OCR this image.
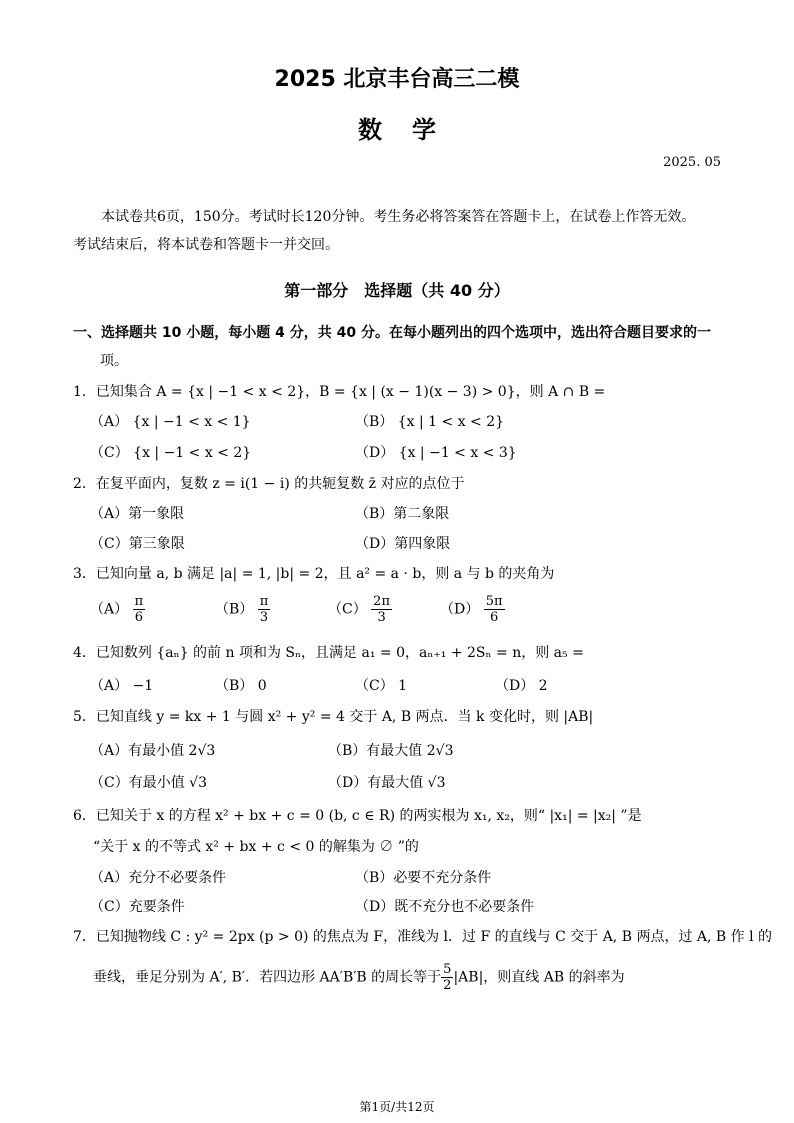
2025 北京丰台高三二模
数学
2025. 05
本试卷共6页，150分。考试时长120分钟。考生务必将答案答在答题卡上，在试卷上作答无效。
考试结束后，将本试卷和答题卡一并交回。
第一部分　选择题（共 40 分）
一、选择题共 10 小题，每小题 4 分，共 40 分。在每小题列出的四个选项中，选出符合题目要求的一
项。
1．已知集合 A = {x | −1 < x < 2}，B = {x | (x − 1)(x − 3) > 0}，则 A ∩ B =
（A） {x | −1 < x < 1}	（B） {x | 1 < x < 2}
（C） {x | −1 < x < 2}	（D） {x | −1 < x < 3}
2．在复平面内，复数 z = i(1 − i) 的共轭复数 z̄ 对应的点位于
（A）第一象限	（B）第二象限
（C）第三象限	（D）第四象限
3．已知向量 a, b 满足 |a| = 1, |b| = 2，且 a² = a · b，则 a 与 b 的夹角为
$(A) \frac{\pi}{6}$	$(B) \frac{\pi}{3}$	$(C) \frac{2\pi}{3}$	$(D) \frac{5\pi}{6}$
4．已知数列 {aₙ} 的前 n 项和为 Sₙ，且满足 a₁ = 0，aₙ₊₁ + 2Sₙ = n，则 a₅ =
（A） −1	（B） 0	（C） 1	（D） 2
5．已知直线 y = kx + 1 与圆 x² + y² = 4 交于 A, B 两点．当 k 变化时，则 |AB|
（A）有最小值 2√3	（B）有最大值 2√3
（C）有最小值 √3	（D）有最大值 √3
6．已知关于 x 的方程 x² + bx + c = 0 (b, c ∈ R) 的两实根为 x₁, x₂，则“ |x₁| = |x₂| ”是
“关于 x 的不等式 x² + bx + c < 0 的解集为 ∅ ”的
（A）充分不必要条件	（B）必要不充分条件
（C）充要条件	（D）既不充分也不必要条件
7．已知抛物线 C : y² = 2px (p > 0) 的焦点为 F，准线为 l．过 F 的直线与 C 交于 A, B 两点，过 A, B 作 l 的
垂线，垂足分别为 A′, B′．若四边形 AA′B′B 的周长等于 $\frac{5}{2} |AB|$，则直线 AB 的斜率为
第1页/共12页
